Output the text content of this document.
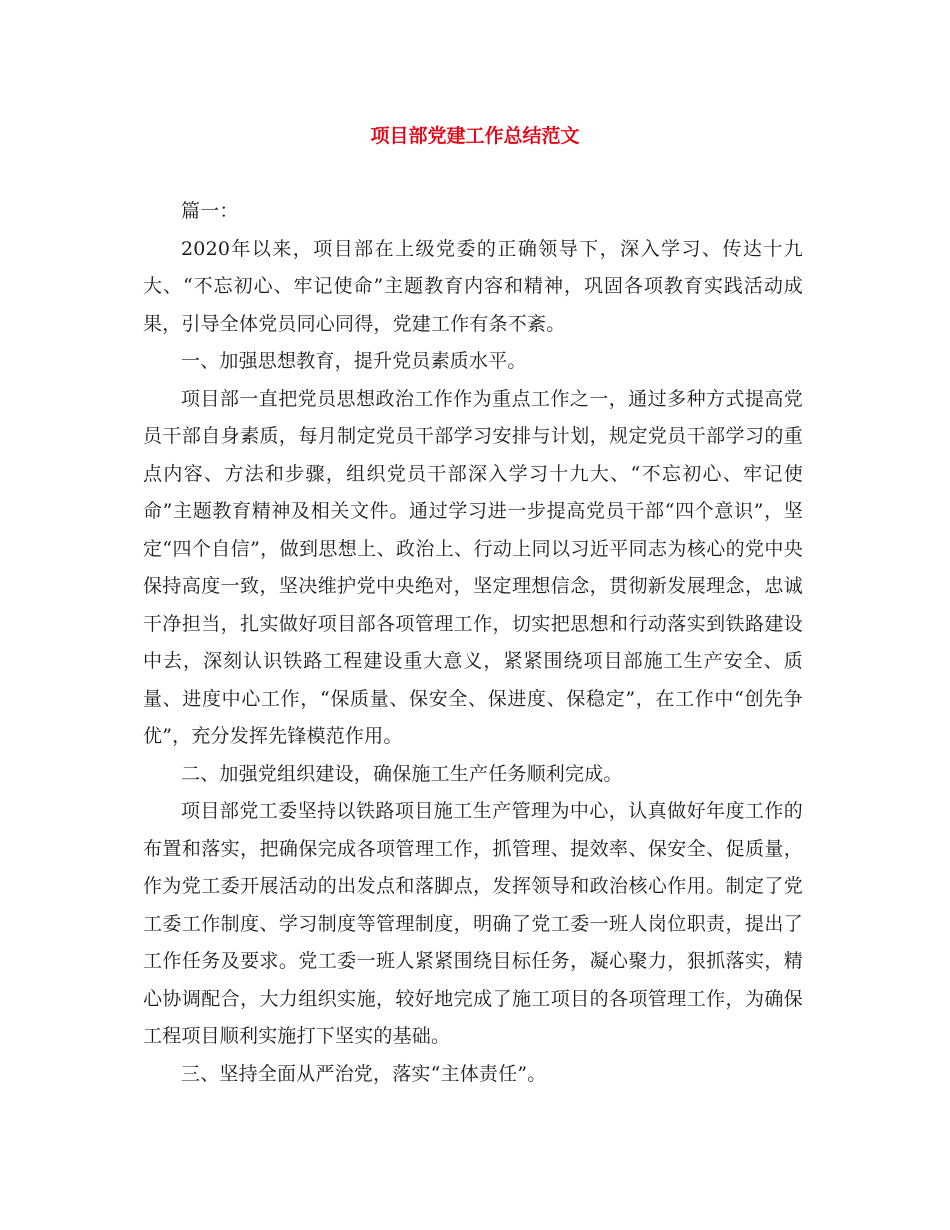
项目部党建工作总结范文

篇一：

2020年以来，项目部在上级党委的正确领导下，深入学习、传达十九大、“不忘初心、牢记使命”主题教育内容和精神，巩固各项教育实践活动成果，引导全体党员同心同得，党建工作有条不紊。

一、加强思想教育，提升党员素质水平。

项目部一直把党员思想政治工作作为重点工作之一，通过多种方式提高党员干部自身素质，每月制定党员干部学习安排与计划，规定党员干部学习的重点内容、方法和步骤，组织党员干部深入学习十九大、“不忘初心、牢记使命”主题教育精神及相关文件。通过学习进一步提高党员干部“四个意识”，坚定“四个自信”，做到思想上、政治上、行动上同以习近平同志为核心的党中央保持高度一致，坚决维护党中央绝对，坚定理想信念，贯彻新发展理念，忠诚干净担当，扎实做好项目部各项管理工作，切实把思想和行动落实到铁路建设中去，深刻认识铁路工程建设重大意义，紧紧围绕项目部施工生产安全、质量、进度中心工作，“保质量、保安全、保进度、保稳定”，在工作中“创先争优”，充分发挥先锋模范作用。

二、加强党组织建设，确保施工生产任务顺利完成。

项目部党工委坚持以铁路项目施工生产管理为中心，认真做好年度工作的布置和落实，把确保完成各项管理工作，抓管理、提效率、保安全、促质量，作为党工委开展活动的出发点和落脚点，发挥领导和政治核心作用。制定了党工委工作制度、学习制度等管理制度，明确了党工委一班人岗位职责，提出了工作任务及要求。党工委一班人紧紧围绕目标任务，凝心聚力，狠抓落实，精心协调配合，大力组织实施，较好地完成了施工项目的各项管理工作，为确保工程项目顺利实施打下坚实的基础。

三、坚持全面从严治党，落实“主体责任”。
